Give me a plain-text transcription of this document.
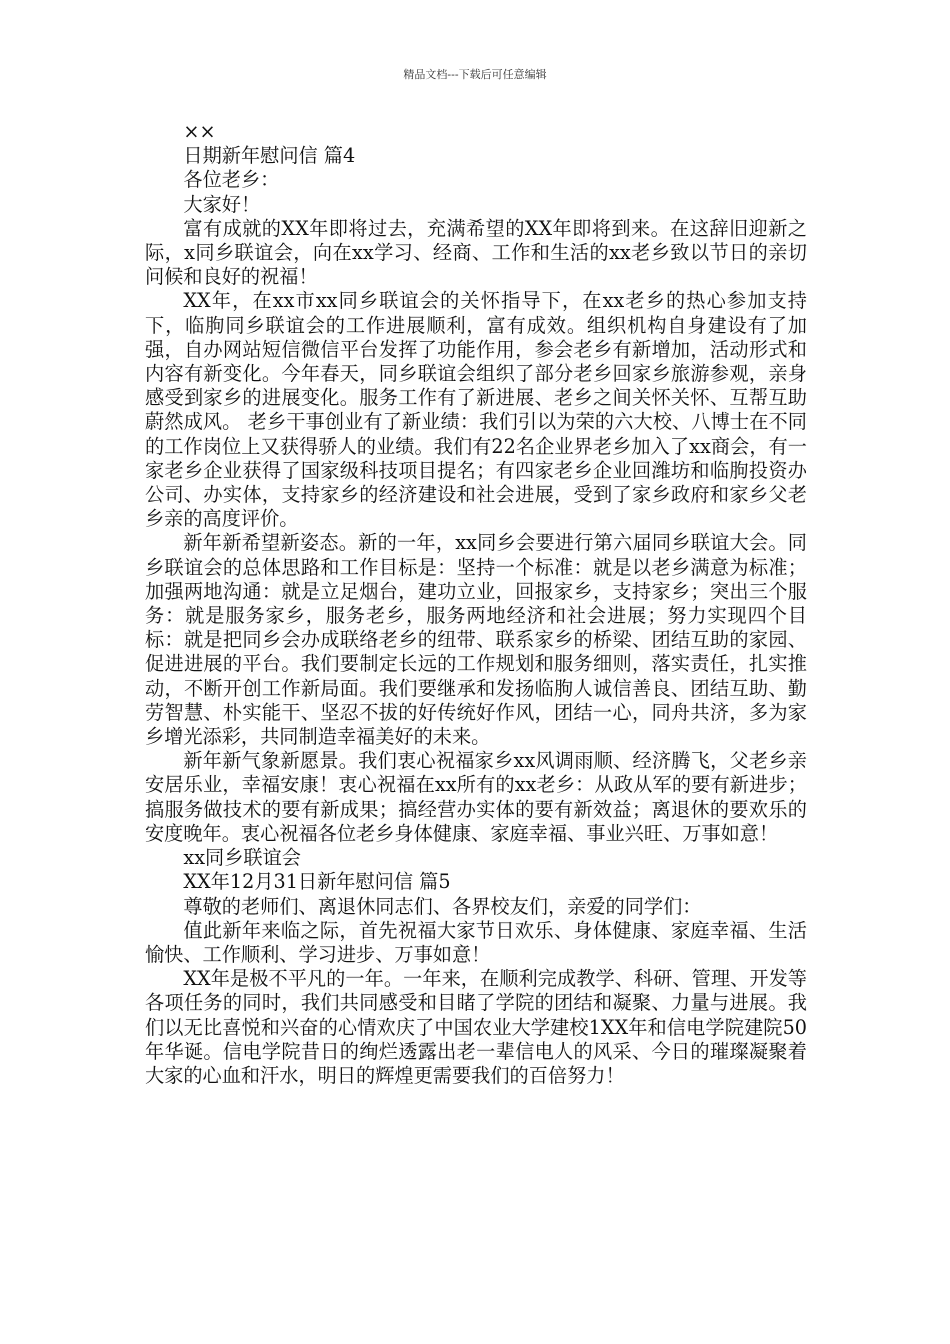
精品文档---下载后可任意编辑

××

日期新年慰问信 篇4

各位老乡：

大家好！

富有成就的XX年即将过去，充满希望的XX年即将到来。在这辞旧迎新之际，x同乡联谊会，向在xx学习、经商、工作和生活的xx老乡致以节日的亲切问候和良好的祝福！

XX年，在xx市xx同乡联谊会的关怀指导下，在xx老乡的热心参加支持下，临朐同乡联谊会的工作进展顺利，富有成效。组织机构自身建设有了加强，自办网站短信微信平台发挥了功能作用，参会老乡有新增加，活动形式和内容有新变化。今年春天，同乡联谊会组织了部分老乡回家乡旅游参观，亲身感受到家乡的进展变化。服务工作有了新进展、老乡之间关怀关怀、互帮互助蔚然成风。 老乡干事创业有了新业绩：我们引以为荣的六大校、八博士在不同的工作岗位上又获得骄人的业绩。我们有22名企业界老乡加入了xx商会，有一家老乡企业获得了国家级科技项目提名；有四家老乡企业回潍坊和临朐投资办公司、办实体，支持家乡的经济建设和社会进展，受到了家乡政府和家乡父老乡亲的高度评价。

新年新希望新姿态。新的一年，xx同乡会要进行第六届同乡联谊大会。同乡联谊会的总体思路和工作目标是：坚持一个标准：就是以老乡满意为标准；加强两地沟通：就是立足烟台，建功立业，回报家乡，支持家乡；突出三个服务：就是服务家乡，服务老乡，服务两地经济和社会进展；努力实现四个目标：就是把同乡会办成联络老乡的纽带、联系家乡的桥梁、团结互助的家园、促进进展的平台。我们要制定长远的工作规划和服务细则，落实责任，扎实推动，不断开创工作新局面。我们要继承和发扬临朐人诚信善良、团结互助、勤劳智慧、朴实能干、坚忍不拔的好传统好作风，团结一心，同舟共济，多为家乡增光添彩，共同制造幸福美好的未来。

新年新气象新愿景。我们衷心祝福家乡xx风调雨顺、经济腾飞，父老乡亲安居乐业，幸福安康！衷心祝福在xx所有的xx老乡：从政从军的要有新进步；搞服务做技术的要有新成果；搞经营办实体的要有新效益；离退休的要欢乐的安度晚年。衷心祝福各位老乡身体健康、家庭幸福、事业兴旺、万事如意！

xx同乡联谊会

XX年12月31日新年慰问信 篇5

尊敬的老师们、离退休同志们、各界校友们，亲爱的同学们：

值此新年来临之际，首先祝福大家节日欢乐、身体健康、家庭幸福、生活愉快、工作顺利、学习进步、万事如意！

XX年是极不平凡的一年。一年来，在顺利完成教学、科研、管理、开发等各项任务的同时，我们共同感受和目睹了学院的团结和凝聚、力量与进展。我们以无比喜悦和兴奋的心情欢庆了中国农业大学建校1XX年和信电学院建院50年华诞。信电学院昔日的绚烂透露出老一辈信电人的风采、今日的璀璨凝聚着大家的心血和汗水，明日的辉煌更需要我们的百倍努力！
